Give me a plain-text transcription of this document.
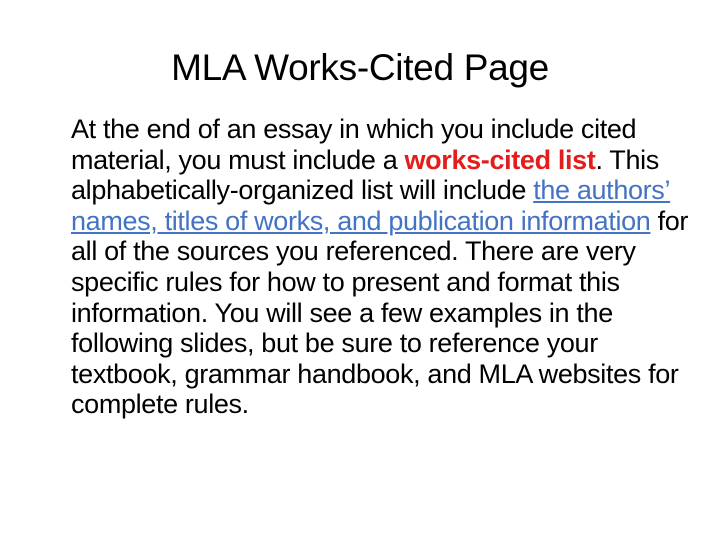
MLA Works-Cited Page

At the end of an essay in which you include cited material, you must include a works-cited list. This alphabetically-organized list will include the authors’ names, titles of works, and publication information for all of the sources you referenced. There are very specific rules for how to present and format this information. You will see a few examples in the following slides, but be sure to reference your textbook, grammar handbook, and MLA websites for complete rules.
